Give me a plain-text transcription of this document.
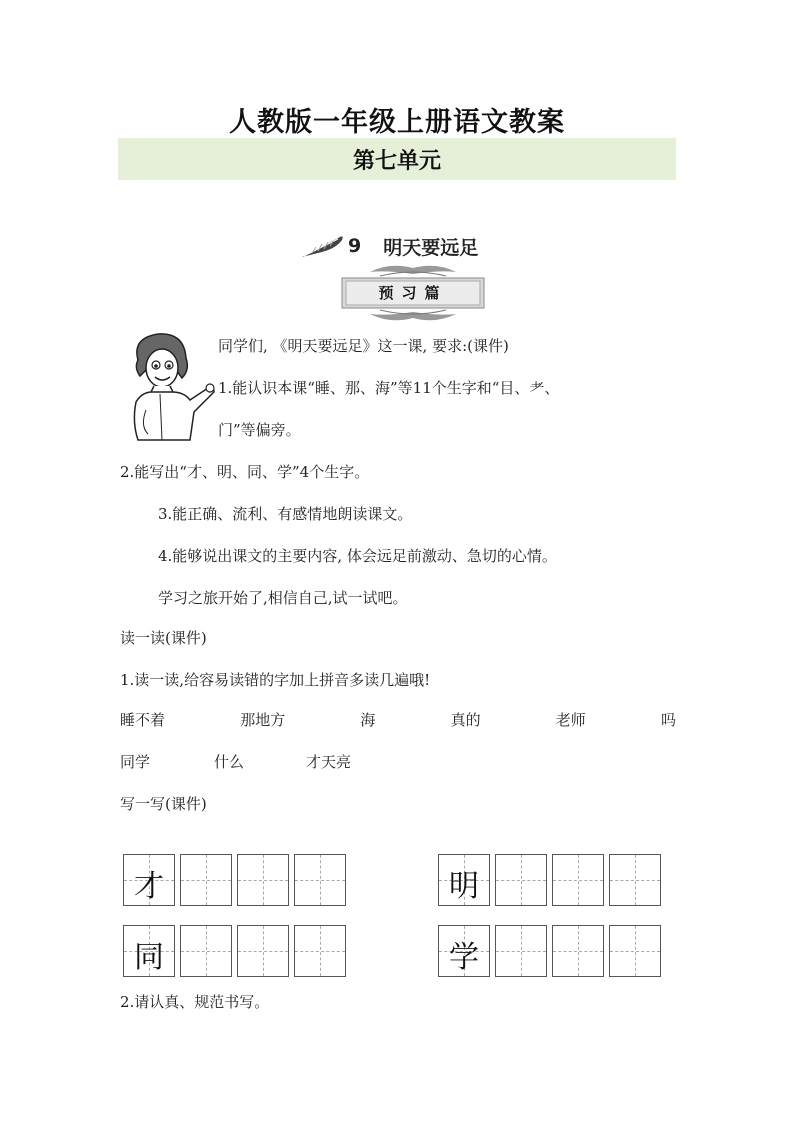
人教版一年级上册语文教案
第七单元
9 明天要远足
预习篇
同学们, 《明天要远足》这一课, 要求:(课件)
1.能认识本课“睡、那、海”等11个生字和“目、耂、
门”等偏旁。
2.能写出“才、明、同、学”4个生字。
3.能正确、流利、有感情地朗读课文。
4.能够说出课文的主要内容, 体会远足前激动、急切的心情。
学习之旅开始了,相信自己,试一试吧。
读一读(课件)
1.读一读,给容易读错的字加上拼音多读几遍哦!
睡不着	那地方	海	真的	老师	吗
同学	什么	才天亮
写一写(课件)
才	明
同	学
2.请认真、规范书写。
